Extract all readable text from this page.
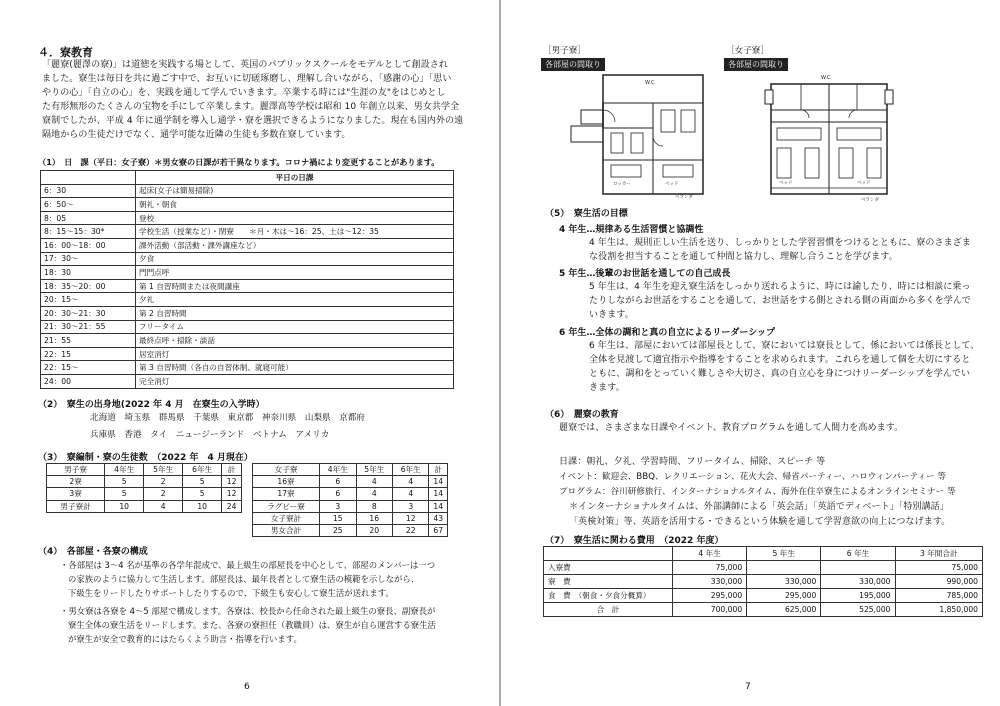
４．寮教育
「麗寮(麗澤の寮)」は道徳を実践する場として、英国のパブリックスクールをモデルとして創設され
ました。寮生は毎日を共に過ごす中で、お互いに切磋琢磨し、理解し合いながら、「感謝の心」「思い
やりの心」「自立の心」を、実践を通して学んでいきます。卒業する時には"生涯の友"をはじめとし
た有形無形のたくさんの宝物を手にして卒業します。麗澤高等学校は昭和 10 年創立以来、男女共学全
寮制でしたが、平成 4 年に通学制を導入し通学・寮を選択できるようになりました。現在も国内外の遠
隔地からの生徒だけでなく、通学可能な近隣の生徒も多数在寮しています。
（1）　日　課（平日：女子寮）＊男女寮の日課が若干異なります。コロナ禍により変更することがあります。
	平日の日課
6：30	起床(女子は簡易掃除)
6：50〜	朝礼・朝食
8：05	登校
8：15〜15：30*	学校生活（授業など）・閉寮　　＊月・木は〜16：25、土は〜12：35
16：00〜18：00	課外活動（部活動・課外講座など）
17：30〜	夕食
18：30	門門点呼
18：35〜20：00	第 1 自習時間または夜間講座
20：15〜	夕礼
20：30〜21：30	第 2 自習時間
21：30〜21：55	フリータイム
21：55	最終点呼・掃除・談話
22：15	居室消灯
22：15〜	第 3 自習時間（各自の自習体制、就寝可能）
24：00	完全消灯
（2）　寮生の出身地(2022 年 4 月　在寮生の入学時）
北海道　埼玉県　群馬県　千葉県　東京都　神奈川県　山梨県　京都府
兵庫県　香港　タイ　ニュージーランド　ベトナム　アメリカ
（3）　寮編制・寮の生徒数　（2022 年　4 月現在）
男子寮	4年生	5年生	6年生	計
2寮	5	2	5	12
3寮	5	2	5	12
男子寮計	10	4	10	24
女子寮	4年生	5年生	6年生	計
16寮	6	4	4	14
17寮	6	4	4	14
ラグビー寮	3	8	3	14
女子寮計	15	16	12	43
男女合計	25	20	22	67
（4）　各部屋・各寮の構成
・各部屋は 3〜4 名が基準の各学年混成で、最上級生の部屋長を中心として、部屋のメンバーは一つ
の家族のように協力して生活します。部屋長は、最年長者として寮生活の模範を示しながら、
下級生をリードしたりサポートしたりするので、下級生も安心して寮生活が送れます。
・男女寮は各寮を 4〜5 部屋で構成します。各寮は、校長から任命された最上級生の寮長、副寮長が
寮生全体の寮生活をリードします。また、各寮の寮担任（教職員）は、寮生が自ら運営する寮生活
が寮生が安全で教育的にはたらくよう助言・指導を行います。
6
［男子寮］
各部屋の間取り
W.C
ロッカー	ベッド
ベランダ
［女子寮］
各部屋の間取り
W.C
ベッド	ベッド
ベランダ
（5）　寮生活の目標
4 年生…規律ある生活習慣と協調性
4 年生は、規則正しい生活を送り、しっかりとした学習習慣をつけるとともに、寮のさまざま
な役割を担当することを通して仲間と協力し、理解し合うことを学びます。
5 年生…後輩のお世話を通しての自己成長
5 年生は、4 年生を迎え寮生活をしっかり送れるように、時には諭したり、時には相談に乗っ
たりしながらお世話をすることを通して、お世話をする側とされる側の両面から多くを学んで
いきます。
6 年生…全体の調和と真の自立によるリーダーシップ
6 年生は、部屋においては部屋長として、寮においては寮長として、係においては係長として、
全体を見渡して適宜指示や指導をすることを求められます。これらを通して個を大切にすると
ともに、調和をとっていく難しさや大切さ、真の自立心を身につけリーダーシップを学んでい
きます。
（6）　麗寮の教育
麗寮では、さまざまな日課やイベント、教育プログラムを通して人間力を高めます。
日課：朝礼、夕礼、学習時間、フリータイム、掃除、スピーチ 等
イベント：歓迎会、BBQ、レクリエーション、花火大会、帰省パーティー、ハロウィンパーティー 等
プログラム：谷川研修旅行、インターナショナルタイム、海外在住卒寮生によるオンラインセミナー 等
＊インターナショナルタイムは、外部講師による「英会話」「英語でディベート」「特別講話」
「英検対策」等、英語を活用する・できるという体験を通して学習意欲の向上につなげます。
（7）　寮生活に関わる費用　（2022 年度）
	4 年生	5 年生	6 年生	3 年間合計
入寮費	75,000			75,000
寮　費	330,000	330,000	330,000	990,000
食　費　（朝食・夕食分概算）	295,000	295,000	195,000	785,000
合　計	700,000	625,000	525,000	1,850,000
7
